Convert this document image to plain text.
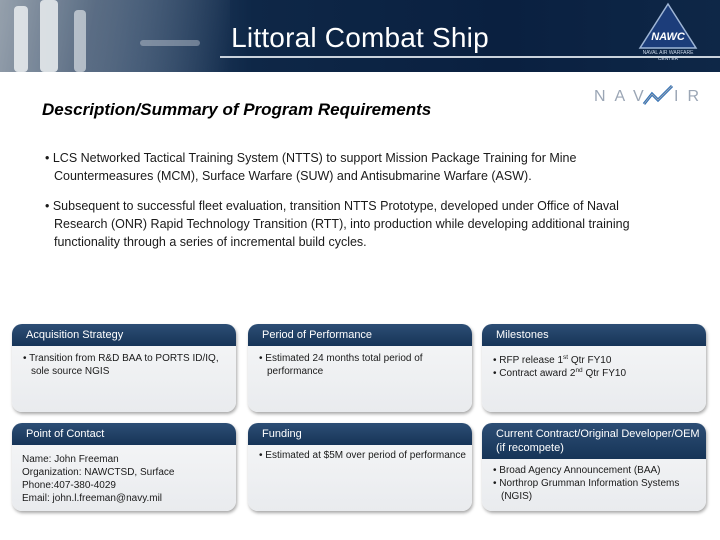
Littoral Combat Ship	NAWC
NAVAL AIR WARFARE CENTER
NAV IR
Description/Summary of Program Requirements
• LCS Networked Tactical Training System (NTTS) to support Mission Package Training for Mine Countermeasures (MCM), Surface Warfare (SUW) and Antisubmarine Warfare (ASW).
• Subsequent to successful fleet evaluation, transition NTTS Prototype, developed under Office of Naval Research (ONR) Rapid Technology Transition (RTT), into production while developing additional training functionality through a series of incremental build cycles.
Acquisition Strategy
• Transition from R&D BAA to PORTS ID/IQ, sole source NGIS
Period of Performance
• Estimated 24 months total period of performance
Milestones
• RFP release 1st Qtr FY10
• Contract award 2nd Qtr FY10
Point of Contact
Name: John Freeman
Organization: NAWCTSD, Surface
Phone:407-380-4029
Email: john.l.freeman@navy.mil
Funding
• Estimated at $5M over period of performance
Current Contract/Original Developer/OEM (if recompete)
• Broad Agency Announcement (BAA)
• Northrop Grumman Information Systems (NGIS)
